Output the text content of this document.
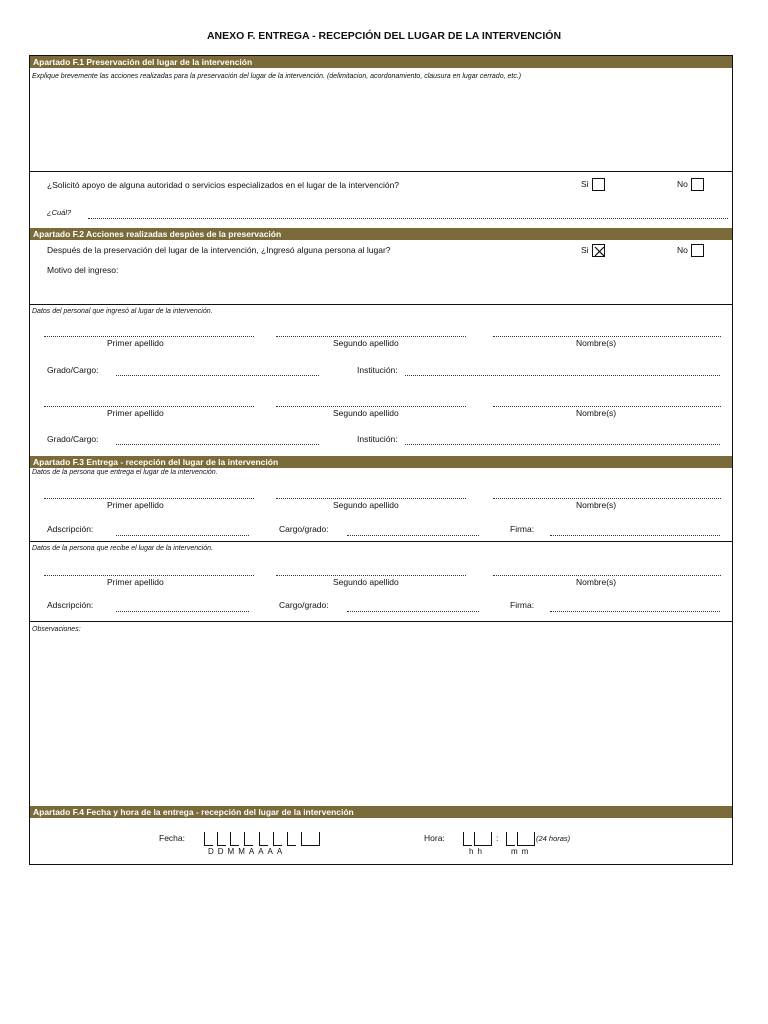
ANEXO F. ENTREGA - RECEPCIÓN DEL LUGAR DE LA INTERVENCIÓN
Apartado F.1 Preservación del lugar de la intervención
Explique brevemente las acciones realizadas para la preservación del lugar de la intervención. (delimitacion, acordonamiento, clausura en lugar cerrado, etc.)
¿Solicitó apoyo de alguna autoridad o servicios especializados en el lugar de la intervención?	Si	No
¿Cuál?
Apartado F.2 Acciones realizadas despúes de la preservación
Después de la preservación del lugar de la intervención, ¿Ingresó alguna persona al lugar?	Si	No
Motivo del ingreso:
Datos del personal que ingresó al lugar de la intervención.
Primer apellido	Segundo apellido	Nombre(s)
Grado/Cargo:	Institución:
Primer apellido	Segundo apellido	Nombre(s)
Grado/Cargo:	Institución:
Apartado F.3 Entrega - recepción del lugar de la intervención
Datos de la persona que entrega el lugar de la intervención.
Primer apellido	Segundo apellido	Nombre(s)
Adscripción:	Cargo/grado:	Firma:
Datos de la persona que recibe el lugar de la intervención.
Primer apellido	Segundo apellido	Nombre(s)
Adscripción:	Cargo/grado:	Firma:
Observaciones:
Apartado F.4 Fecha y hora de la entrega - recepción del lugar de la intervención
Fecha:
DDMMAAAA
Hora:	:	(24 horas)
hh	mm
